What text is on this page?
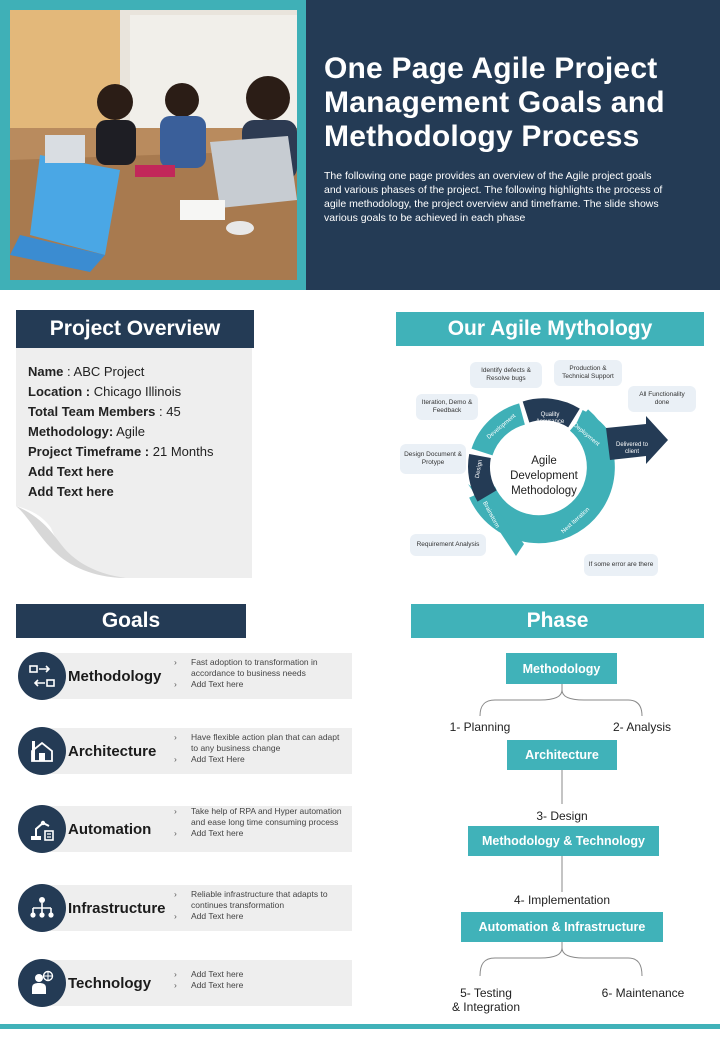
One Page Agile Project
Management Goals and
Methodology Process
The following one page provides an overview of the Agile project goals and various phases of the project. The following highlights the process of agile methodology, the project overview and timeframe. The slide shows various goals to be achieved in each phase
Project Overview
Name : ABC Project
Location : Chicago Illinois
Total Team Members : 45
Methodology: Agile
Project Timeframe : 21 Months
Add Text here
Add Text here
Our Agile Mythology
Agile
Development
Methodology
Design
Development	Quality Assurance
Deployment	Delivered to client
Next Iteration
Brainstorm
Identify defects & Resolve bugs
Production & Technical Support
Iteration, Demo & Feedback
All Functionality done
Design Document & Protype
Requirement Analysis
If some error are there
Goals
Methodology
› Fast adoption to transformation in accordance to business needs
› Add Text here
Architecture
› Have flexible action plan that can adapt to any business change
› Add Text Here
Automation
› Take help of RPA and Hyper automation and ease long time consuming process
› Add Text here
Infrastructure
› Reliable infrastructure that adapts to continues transformation
› Add Text here
Technology
› Add Text here
› Add Text here
Phase
Methodology
1- Planning	2- Analysis
Architecture
3- Design
Methodology & Technology
4- Implementation
Automation & Infrastructure
5- Testing
& Integration
6- Maintenance
